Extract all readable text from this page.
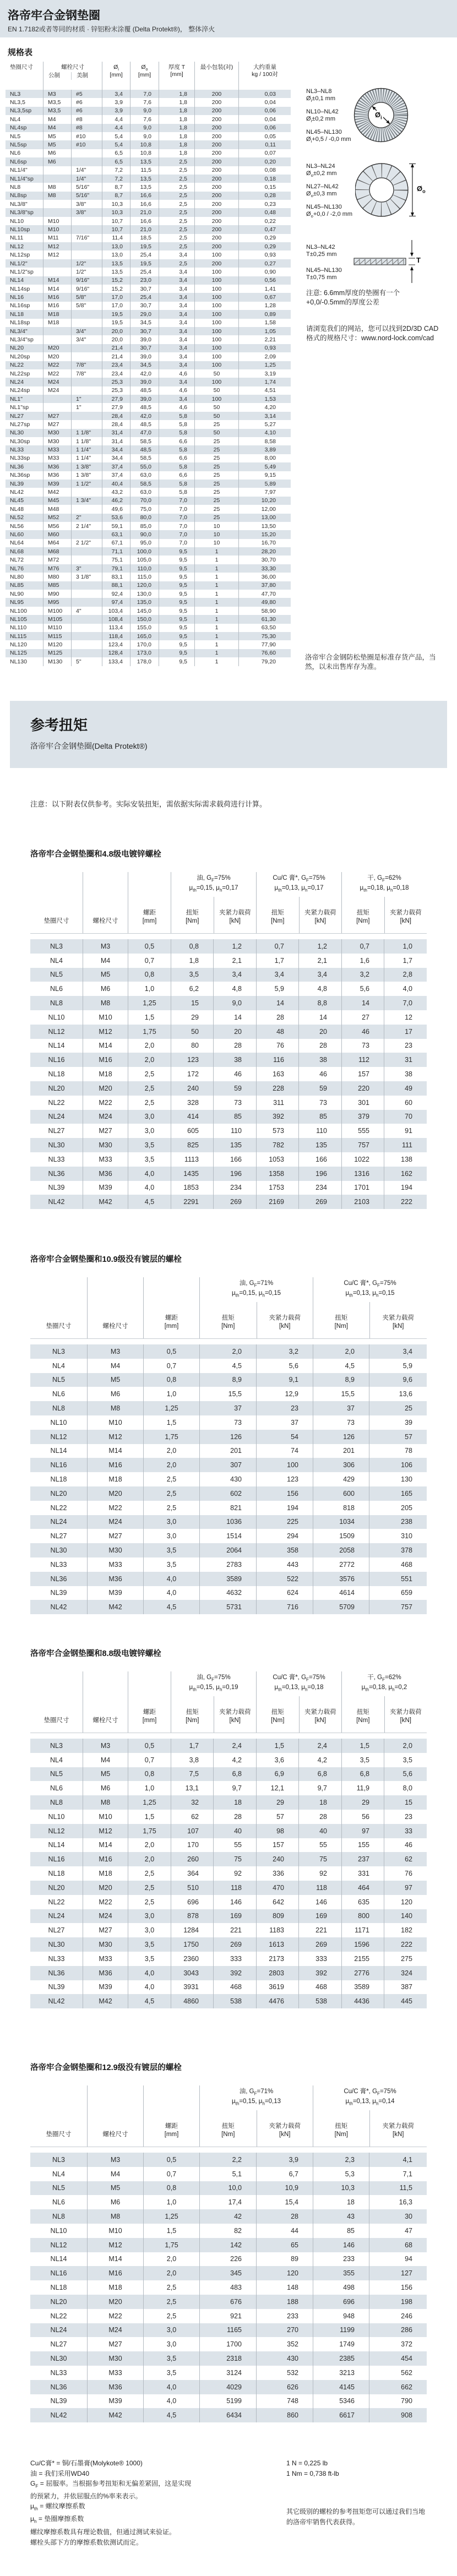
洛帝牢合金钢垫圈
EN 1.7182或者等同的材质 · 锌铝粉末涂覆 (Delta Protekt®)， 整体淬火
规格表
垫圈尺寸	螺栓尺寸
公制	美制
$Ø_i$
[mm]
$Ø_o$
[mm]
厚度 T
[mm]
最小包装(对)	大约重量
kg / 100对
NL3	M3	#5	3,4	7,0	1,8	200	0,03
NL3,5	M3,5	#6	3,9	7,6	1,8	200	0,04
NL3,5sp	M3,5	#6	3,9	9,0	1,8	200	0,06
NL4	M4	#8	4,4	7,6	1,8	200	0,04
NL4sp	M4	#8	4,4	9,0	1,8	200	0,06
NL5	M5	#10	5,4	9,0	1,8	200	0,05
NL5sp	M5	#10	5,4	10,8	1,8	200	0,11
NL6	M6	6,5	10,8	1,8	200	0,07
NL6sp	M6	6,5	13,5	2,5	200	0,20
NL1/4"	1/4"	7,2	11,5	2,5	200	0,08
NL1/4"sp	1/4"	7,2	13,5	2,5	200	0,18
NL8	M8	5/16"	8,7	13,5	2,5	200	0,15
NL8sp	M8	5/16"	8,7	16,6	2,5	200	0,28
NL3/8"	3/8"	10,3	16,6	2,5	200	0,23
NL3/8"sp	3/8"	10,3	21,0	2,5	200	0,48
NL10	M10	10,7	16,6	2,5	200	0,22
NL10sp	M10	10,7	21,0	2,5	200	0,47
NL11	M11	7/16"	11,4	18,5	2,5	200	0,29
NL12	M12	13,0	19,5	2,5	200	0,29
NL12sp	M12	13,0	25,4	3,4	100	0,93
NL1/2"	1/2"	13,5	19,5	2,5	200	0,27
NL1/2"sp	1/2"	13,5	25,4	3,4	100	0,90
NL14	M14	9/16"	15,2	23,0	3,4	100	0,56
NL14sp	M14	9/16"	15,2	30,7	3,4	100	1,41
NL16	M16	5/8"	17,0	25,4	3,4	100	0,67
NL16sp	M16	5/8"	17,0	30,7	3,4	100	1,28
NL18	M18	19,5	29,0	3,4	100	0,89
NL18sp	M18	19,5	34,5	3,4	100	1,58
NL3/4"	3/4"	20,0	30,7	3,4	100	1,05
NL3/4"sp	3/4"	20,0	39,0	3,4	100	2,21
NL20	M20	21,4	30,7	3,4	100	0,93
NL20sp	M20	21,4	39,0	3,4	100	2,09
NL22	M22	7/8"	23,4	34,5	3,4	100	1,25
NL22sp	M22	7/8"	23,4	42,0	4,6	50	3,19
NL24	M24	25,3	39,0	3,4	100	1,74
NL24sp	M24	25,3	48,5	4,6	50	4,51
NL1"	1"	27,9	39,0	3,4	100	1,53
NL1"sp	1"	27,9	48,5	4,6	50	4,20
NL27	M27	28,4	42,0	5,8	50	3,14
NL27sp	M27	28,4	48,5	5,8	25	5,27
NL30	M30	1 1/8"	31,4	47,0	5,8	50	4,10
NL30sp	M30	1 1/8"	31,4	58,5	6,6	25	8,58
NL33	M33	1 1/4"	34,4	48,5	5,8	25	3,89
NL33sp	M33	1 1/4"	34,4	58,5	6,6	25	8,00
NL36	M36	1 3/8"	37,4	55,0	5,8	25	5,49
NL36sp	M36	1 3/8"	37,4	63,0	6,6	25	9,15
NL39	M39	1 1/2"	40,4	58,5	5,8	25	5,89
NL42	M42	43,2	63,0	5,8	25	7,97
NL45	M45	1 3/4"	46,2	70,0	7,0	25	10,20
NL48	M48	49,6	75,0	7,0	25	12,00
NL52	M52	2"	53,6	80,0	7,0	25	13,00
NL56	M56	2 1/4"	59,1	85,0	7,0	10	13,50
NL60	M60	63,1	90,0	7,0	10	15,20
NL64	M64	2 1/2"	67,1	95,0	7,0	10	16,70
NL68	M68	71,1	100,0	9,5	1	28,20
NL72	M72	75,1	105,0	9,5	1	30,70
NL76	M76	3"	79,1	110,0	9,5	1	33,30
NL80	M80	3 1/8"	83,1	115,0	9,5	1	36,00
NL85	M85	88,1	120,0	9,5	1	37,80
NL90	M90	92,4	130,0	9,5	1	47,70
NL95	M95	97,4	135,0	9,5	1	49,80
NL100	M100	4"	103,4	145,0	9,5	1	58,90
NL105	M105	108,4	150,0	9,5	1	61,30
NL110	M110	113,4	155,0	9,5	1	63,50
NL115	M115	118,4	165,0	9,5	1	75,30
NL120	M120	123,4	170,0	9,5	1	77,90
NL125	M125	128,4	173,0	9,5	1	76,60
NL130	M130	5"	133,4	178,0	9,5	1	79,20
NL3–NL8
$Ø_i\pm 0,1$ mm
NL10–NL42
$Ø_i\pm 0,2$ mm
NL45–NL130
$Ø_i+0,5 / -0,0$ mm
$Ø_i$
NL3–NL24
$Ø_o\pm 0,2$ mm
NL27–NL42
$Ø_o\pm 0,3$ mm
NL45–NL130
$Ø_o+0,0 / -2,0$ mm
$Ø_o$
NL3–NL42
T±0,25 mm
NL45–NL130
T±0,75 mm
T
注意: 6.6mm厚度的垫圈有一个
+0,0/-0.5mm的厚度公差
请浏览我们的网站，您可以找到2D/3D CAD
格式的规格尺寸：www.nord-lock.com/cad
洛帝牢合金钢防松垫圈是标准存货产品，当
然，以未出售库存为准。
参考扭矩
洛帝牢合金钢垫圈(Delta Protekt®)
注意：以下附表仅供参考。实际安装扭矩，需依据实际需求载荷进行计算。
洛帝牢合金钢垫圈和4.8级电镀锌螺栓
垫圈尺寸	螺栓尺寸
螺距
[mm]
油, $G_F=75\%$
$\mu_{th}=0,15$, $\mu_h=0,17$
扭矩
[Nm]
夹紧力载荷
[kN]
Cu/C 膏*, $G_F=75\%$
$\mu_{th}=0,13$, $\mu_h=0,17$
扭矩
[Nm]
夹紧力载荷
[kN]
干, $G_F=62\%$
$\mu_{th}=0,18$, $\mu_h=0,18$
扭矩
[Nm]
夹紧力载荷
[kN]
NL3	M3	0,5	0,8	1,2	0,7	1,2	0,7	1,0
NL4	M4	0,7	1,8	2,1	1,7	2,1	1,6	1,7
NL5	M5	0,8	3,5	3,4	3,4	3,4	3,2	2,8
NL6	M6	1,0	6,2	4,8	5,9	4,8	5,6	4,0
NL8	M8	1,25	15	9,0	14	8,8	14	7,0
NL10	M10	1,5	29	14	28	14	27	12
NL12	M12	1,75	50	20	48	20	46	17
NL14	M14	2,0	80	28	76	28	73	23
NL16	M16	2,0	123	38	116	38	112	31
NL18	M18	2,5	172	46	163	46	157	38
NL20	M20	2,5	240	59	228	59	220	49
NL22	M22	2,5	328	73	311	73	301	60
NL24	M24	3,0	414	85	392	85	379	70
NL27	M27	3,0	605	110	573	110	555	91
NL30	M30	3,5	825	135	782	135	757	111
NL33	M33	3,5	1113	166	1053	166	1022	138
NL36	M36	4,0	1435	196	1358	196	1316	162
NL39	M39	4,0	1853	234	1753	234	1701	194
NL42	M42	4,5	2291	269	2169	269	2103	222
洛帝牢合金钢垫圈和10.9级没有镀层的螺栓
垫圈尺寸	螺栓尺寸
螺距
[mm]
油, $G_F=71\%$
$\mu_{th}=0,15$, $\mu_h=0,15$
扭矩
[Nm]
夹紧力载荷
[kN]
Cu/C 膏*, $G_F=75\%$
$\mu_{th}=0,13$, $\mu_h=0,15$
扭矩
[Nm]
夹紧力载荷
[kN]
NL3	M3	0,5	2,0	3,2	2,0	3,4
NL4	M4	0,7	4,5	5,6	4,5	5,9
NL5	M5	0,8	8,9	9,1	8,9	9,6
NL6	M6	1,0	15,5	12,9	15,5	13,6
NL8	M8	1,25	37	23	37	25
NL10	M10	1,5	73	37	73	39
NL12	M12	1,75	126	54	126	57
NL14	M14	2,0	201	74	201	78
NL16	M16	2,0	307	100	306	106
NL18	M18	2,5	430	123	429	130
NL20	M20	2,5	602	156	600	165
NL22	M22	2,5	821	194	818	205
NL24	M24	3,0	1036	225	1034	238
NL27	M27	3,0	1514	294	1509	310
NL30	M30	3,5	2064	358	2058	378
NL33	M33	3,5	2783	443	2772	468
NL36	M36	4,0	3589	522	3576	551
NL39	M39	4,0	4632	624	4614	659
NL42	M42	4,5	5731	716	5709	757
洛帝牢合金钢垫圈和8.8级电镀锌螺栓
垫圈尺寸	螺栓尺寸
螺距
[mm]
油, $G_F=75\%$
$\mu_{th}=0,15$, $\mu_h=0,19$
扭矩
[Nm]
夹紧力载荷
[kN]
Cu/C 膏*, $G_F=75\%$
$\mu_{th}=0,13$, $\mu_h=0,18$
扭矩
[Nm]
夹紧力载荷
[kN]
干, $G_F=62\%$
$\mu_{th}=0,18$, $\mu_h=0,2$
扭矩
[Nm]
夹紧力载荷
[kN]
NL3	M3	0,5	1,7	2,4	1,5	2,4	1,5	2,0
NL4	M4	0,7	3,8	4,2	3,6	4,2	3,5	3,5
NL5	M5	0,8	7,5	6,8	6,9	6,8	6,8	5,6
NL6	M6	1,0	13,1	9,7	12,1	9,7	11,9	8,0
NL8	M8	1,25	32	18	29	18	29	15
NL10	M10	1,5	62	28	57	28	56	23
NL12	M12	1,75	107	40	98	40	97	33
NL14	M14	2,0	170	55	157	55	155	46
NL16	M16	2,0	260	75	240	75	237	62
NL18	M18	2,5	364	92	336	92	331	76
NL20	M20	2,5	510	118	470	118	464	97
NL22	M22	2,5	696	146	642	146	635	120
NL24	M24	3,0	878	169	809	169	800	140
NL27	M27	3,0	1284	221	1183	221	1171	182
NL30	M30	3,5	1750	269	1613	269	1596	222
NL33	M33	3,5	2360	333	2173	333	2155	275
NL36	M36	4,0	3043	392	2803	392	2776	324
NL39	M39	4,0	3931	468	3619	468	3589	387
NL42	M42	4,5	4860	538	4476	538	4436	445
洛帝牢合金钢垫圈和12.9级没有镀层的螺栓
垫圈尺寸	螺栓尺寸
螺距
[mm]
油, $G_F=71\%$
$\mu_{th}=0,15$, $\mu_h=0,13$
扭矩
[Nm]
夹紧力载荷
[kN]
Cu/C 膏*, $G_F=75\%$
$\mu_{th}=0,13$, $\mu_h=0,14$
扭矩
[Nm]
夹紧力载荷
[kN]
NL3	M3	0,5	2,2	3,9	2,3	4,1
NL4	M4	0,7	5,1	6,7	5,3	7,1
NL5	M5	0,8	10,0	10,9	10,3	11,5
NL6	M6	1,0	17,4	15,4	18	16,3
NL8	M8	1,25	42	28	43	30
NL10	M10	1,5	82	44	85	47
NL12	M12	1,75	142	65	146	68
NL14	M14	2,0	226	89	233	94
NL16	M16	2,0	345	120	355	127
NL18	M18	2,5	483	148	498	156
NL20	M20	2,5	676	188	696	198
NL22	M22	2,5	921	233	948	246
NL24	M24	3,0	1165	270	1199	286
NL27	M27	3,0	1700	352	1749	372
NL30	M30	3,5	2318	430	2385	454
NL33	M33	3,5	3124	532	3213	562
NL36	M36	4,0	4029	626	4145	662
NL39	M39	4,0	5199	748	5346	790
NL42	M42	4,5	6434	860	6617	908
Cu/C膏* = 铜/石墨膏(Molykote® 1000)
油 = 我们采用WD40
$G_F$ = 屈服率。当根据参考扭矩和无偏差紧固，这是实现
的预紧力，并依屈服点的%率来表示。
$\mu_{th}$ = 螺纹摩擦系数
$\mu_h$ = 垫圈摩擦系数
螺纹摩擦系数具有理论数值，但通过测试来验证。
螺栓头部下方的摩擦系数依测试而定。
1 N = 0,225 lb
1 Nm = 0,738 ft-lb
其它级别的螺栓的参考扭矩您可以通过我们当地
的洛帝牢销售代表获得。
